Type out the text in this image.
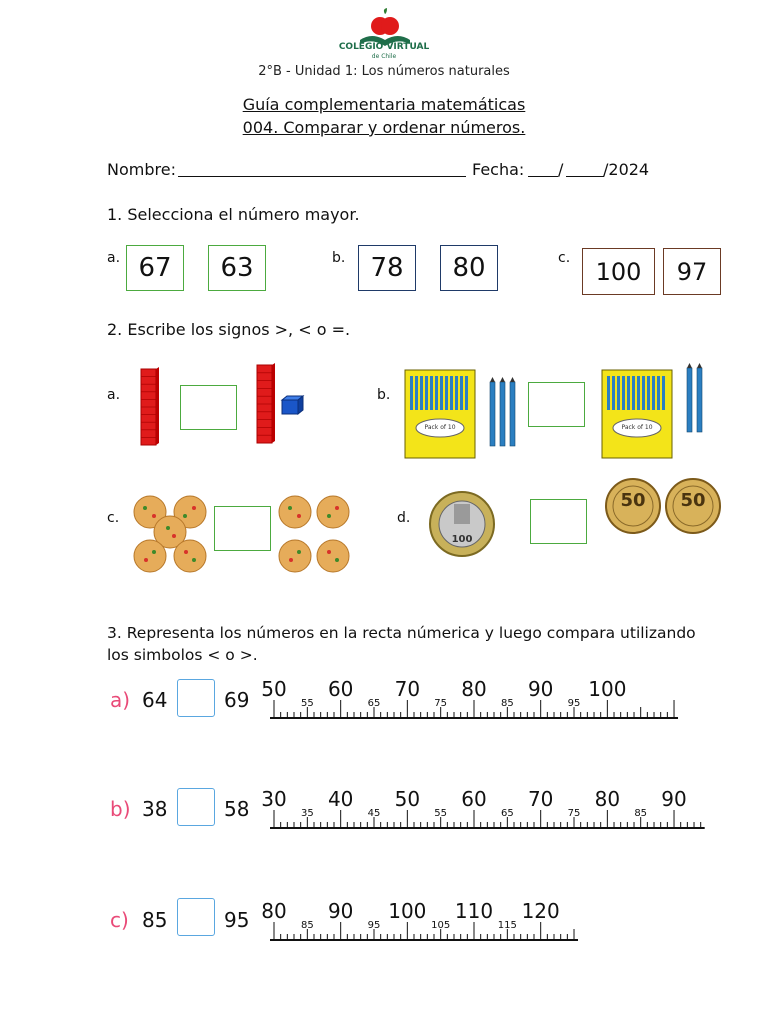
COLEGIO VIRTUAL
de Chile
2°B - Unidad 1: Los números naturales
Guía complementaria matemáticas
004. Comparar y ordenar números.
Nombre:	Fecha: / /2024
1. Selecciona el número mayor.
a. 67 63	b. 78 80	c. 100 97
2. Escribe los signos >, < o =.
a.	b.
Pack of 10	Pack of 10
c.	d.
100
50	50
3. Representa los números en la recta númerica y luego compara utilizando
los simbolos < o >.
a) 64	69 50 60 70 80 90 100
55	65	75	85	95
b) 38	58 30 40 50 60 70 80 90
35	45	55	65	75	85
c) 85	95 80 90 100 110 120
85	95	105	115
